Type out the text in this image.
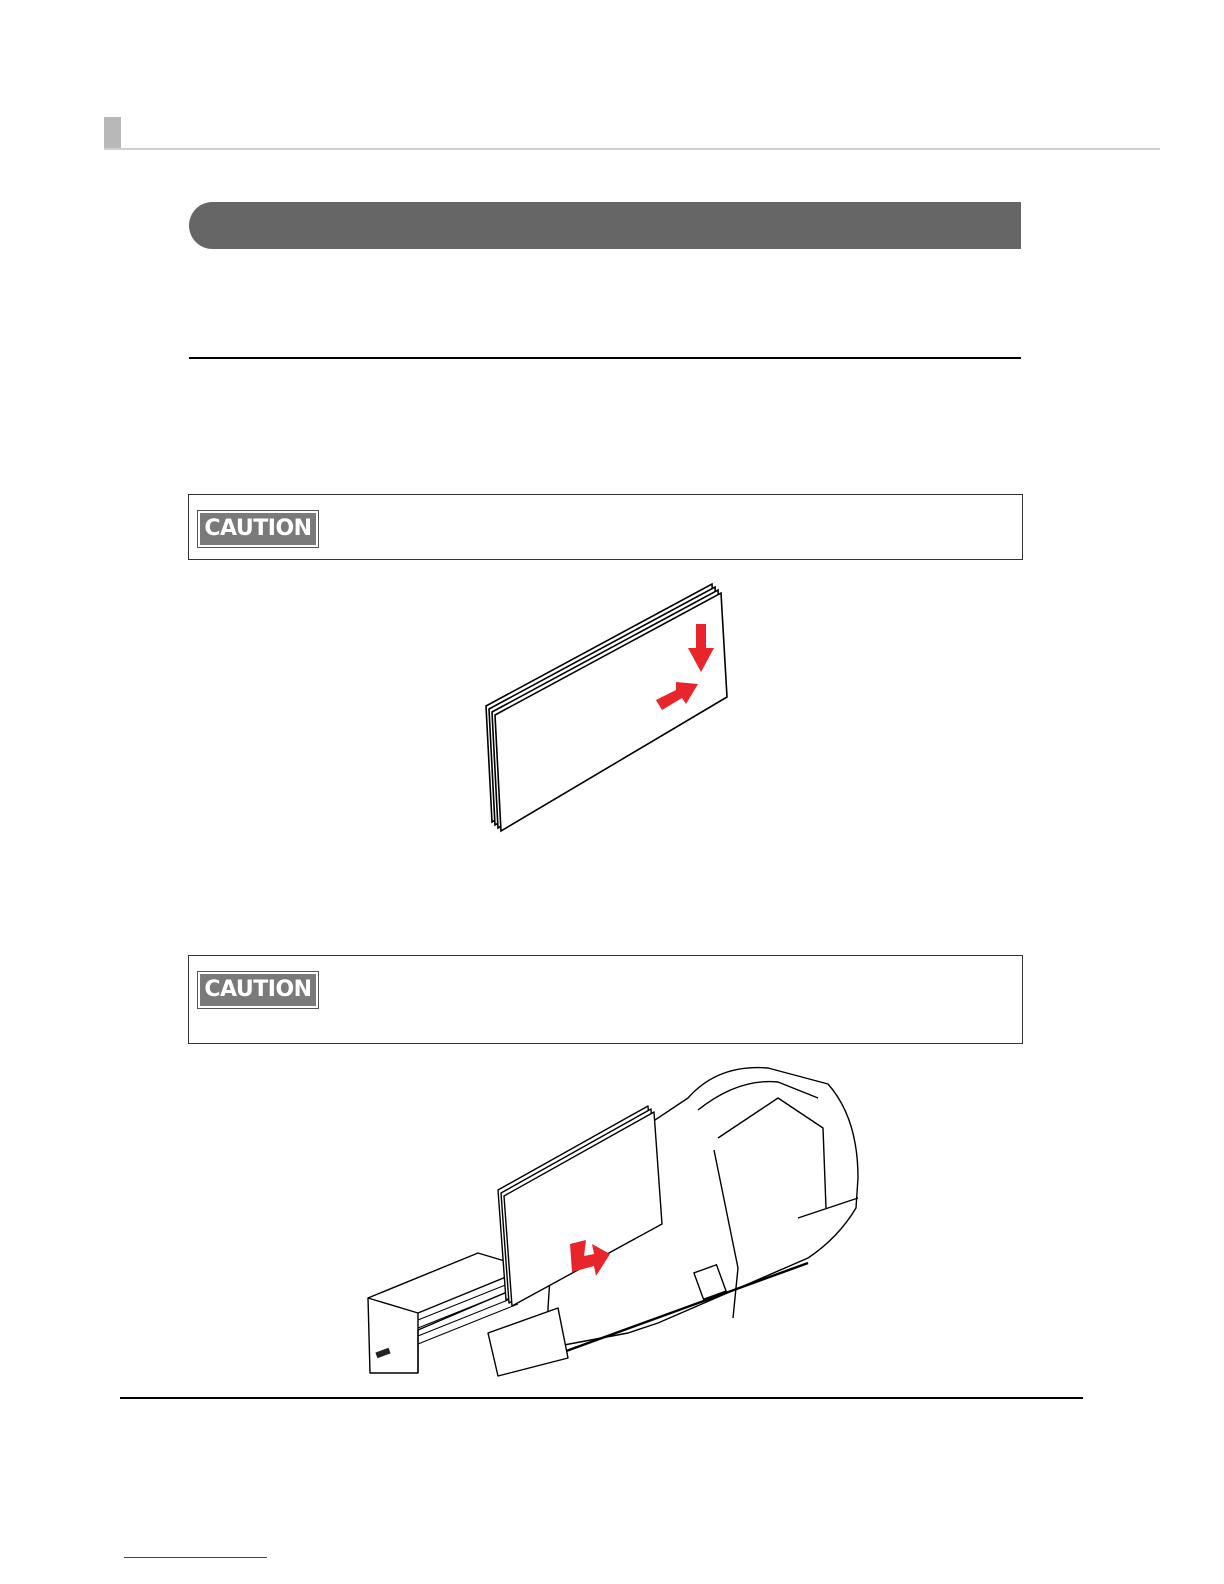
CAUTION
CAUTION
